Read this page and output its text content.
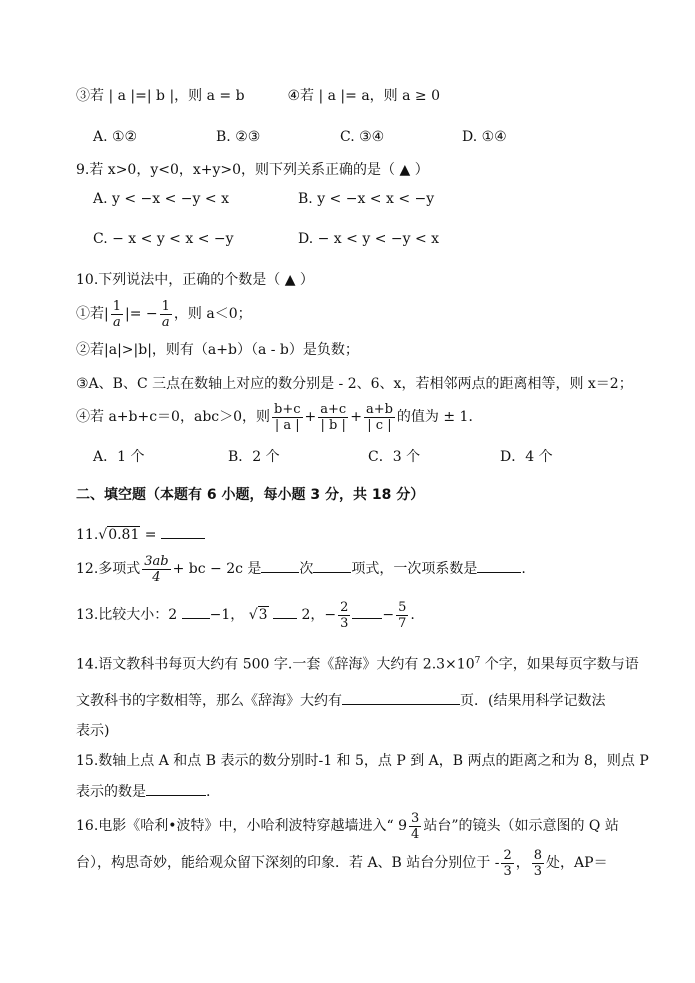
③若 | a |=| b |，则 a = b	④若 | a |= a，则 a ≥ 0
A. ①②	B. ②③	C. ③④	D. ①④
9.若 x>0，y<0，x+y>0，则下列关系正确的是（ ▲ ）
A. y < −x < −y < x	B. y < −x < x < −y
C. − x < y < x < −y	D. − x < y < −y < x
10.下列说法中，正确的个数是（ ▲ ）
①若| $\frac{1}{a}$ |= − $\frac{1}{a}$ ，则 a＜0；
②若|a|>|b|，则有（a+b）（a - b）是负数；
③A、B、C 三点在数轴上对应的数分别是 - 2、6、x，若相邻两点的距离相等，则 x＝2；
④若 a+b+c＝0，abc＞0，则 $\frac{b+c}{| a |} + \frac{a+c}{| b |} + \frac{a+b}{| c |}$ 的值为 ± 1．
A．1 个	B．2 个	C．3 个	D．4 个
二、填空题（本题有 6 小题，每小题 3 分，共 18 分）
11.√0.81 =
12.多项式 $\frac{3ab}{4}$ + bc − 2c 是	次	项式，一次项系数是	.
13.比较大小：2 −1， √3  2，− $\frac{2}{3} - \frac{5}{7}$ .
14.语文教科书每页大约有 500 字.一套《辞海》大约有 $2.3\times 10^7$ 个字，如果每页字数与语
文教科书的字数相等，那么《辞海》大约有	页．(结果用科学记数法
表示)
15.数轴上点 A 和点 B 表示的数分别时-1 和 5，点 P 到 A，B 两点的距离之和为 8，则点 P
表示的数是	.
16.电影《哈利•波特》中，小哈利波特穿越墙进入“ $9 \frac{3}{4}$ 站台”的镜头（如示意图的 Q 站
台），构思奇妙，能给观众留下深刻的印象．若 A、B 站台分别位于 - $\frac{2}{3}$ ， $\frac{8}{3}$ 处，AP＝
